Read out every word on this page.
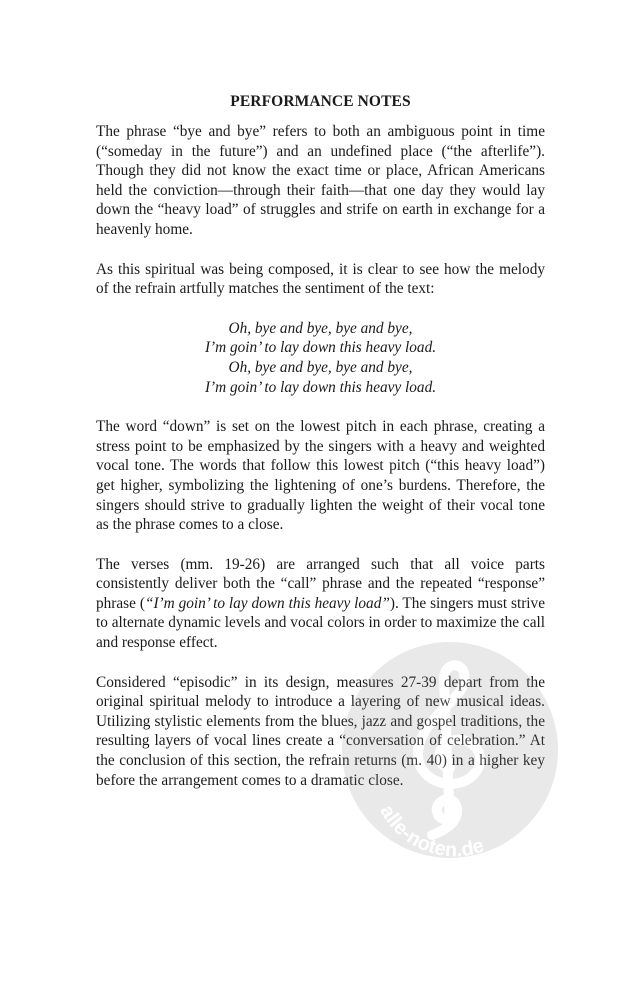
PERFORMANCE NOTES

The phrase “bye and bye” refers to both an ambiguous point in time (“someday in the future”) and an undefined place (“the afterlife”). Though they did not know the exact time or place, African Americans held the conviction—through their faith—that one day they would lay down the “heavy load” of struggles and strife on earth in exchange for a heavenly home.

As this spiritual was being composed, it is clear to see how the melody of the refrain artfully matches the sentiment of the text:

Oh, bye and bye, bye and bye,
I’m goin’ to lay down this heavy load.
Oh, bye and bye, bye and bye,
I’m goin’ to lay down this heavy load.

The word “down” is set on the lowest pitch in each phrase, creating a stress point to be emphasized by the singers with a heavy and weighted vocal tone. The words that follow this lowest pitch (“this heavy load”) get higher, symbolizing the lightening of one’s burdens. Therefore, the singers should strive to gradually lighten the weight of their vocal tone as the phrase comes to a close.

The verses (mm. 19-26) are arranged such that all voice parts consistently deliver both the “call” phrase and the repeated “response” phrase (“I’m goin’ to lay down this heavy load”). The singers must strive to alternate dynamic levels and vocal colors in order to maximize the call and response effect.

Considered “episodic” in its design, measures 27-39 depart from the original spiritual melody to introduce a layering of new musical ideas. Utilizing stylistic elements from the blues, jazz and gospel traditions, the resulting layers of vocal lines create a “conversation of celebration.” At the conclusion of this section, the refrain returns (m. 40) in a higher key before the arrangement comes to a dramatic close.

alle-noten.de
